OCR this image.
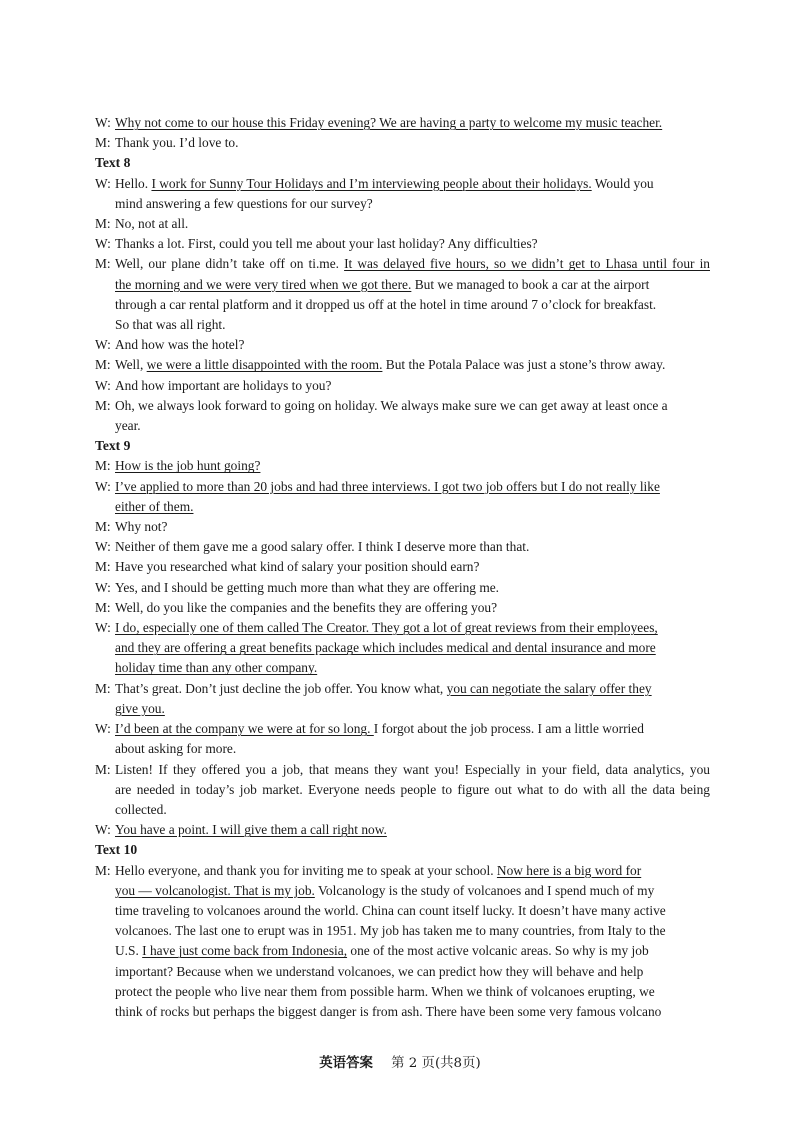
W: Why not come to our house this Friday evening? We are having a party to welcome my music teacher.
M: Thank you. I’d love to.
Text 8
W: Hello. I work for Sunny Tour Holidays and I’m interviewing people about their holidays. Would you
mind answering a few questions for our survey?
M: No, not at all.
W: Thanks a lot. First, could you tell me about your last holiday? Any difficulties?
M: Well, our plane didn’t take off on ti.me. It was delayed five hours, so we didn’t get to Lhasa until four in
the morning and we were very tired when we got there. But we managed to book a car at the airport
through a car rental platform and it dropped us off at the hotel in time around 7 o’clock for breakfast.
So that was all right.
W: And how was the hotel?
M: Well, we were a little disappointed with the room. But the Potala Palace was just a stone’s throw away.
W: And how important are holidays to you?
M: Oh, we always look forward to going on holiday. We always make sure we can get away at least once a
year.
Text 9
M: How is the job hunt going?
W: I’ve applied to more than 20 jobs and had three interviews. I got two job offers but I do not really like
either of them.
M: Why not?
W: Neither of them gave me a good salary offer. I think I deserve more than that.
M: Have you researched what kind of salary your position should earn?
W: Yes, and I should be getting much more than what they are offering me.
M: Well, do you like the companies and the benefits they are offering you?
W: I do, especially one of them called The Creator. They got a lot of great reviews from their employees,
and they are offering a great benefits package which includes medical and dental insurance and more
holiday time than any other company.
M: That’s great. Don’t just decline the job offer. You know what, you can negotiate the salary offer they
give you.
W: I’d been at the company we were at for so long. I forgot about the job process. I am a little worried
about asking for more.
M: Listen! If they offered you a job, that means they want you! Especially in your field, data analytics, you
are needed in today’s job market. Everyone needs people to figure out what to do with all the data being
collected.
W: You have a point. I will give them a call right now.
Text 10
M: Hello everyone, and thank you for inviting me to speak at your school. Now here is a big word for
you — volcanologist. That is my job. Volcanology is the study of volcanoes and I spend much of my
time traveling to volcanoes around the world. China can count itself lucky. It doesn’t have many active
volcanoes. The last one to erupt was in 1951. My job has taken me to many countries, from Italy to the
U.S. I have just come back from Indonesia, one of the most active volcanic areas. So why is my job
important? Because when we understand volcanoes, we can predict how they will behave and help
protect the people who live near them from possible harm. When we think of volcanoes erupting, we
think of rocks but perhaps the biggest danger is from ash. There have been some very famous volcano
英语答案 第 2 页(共8页)
